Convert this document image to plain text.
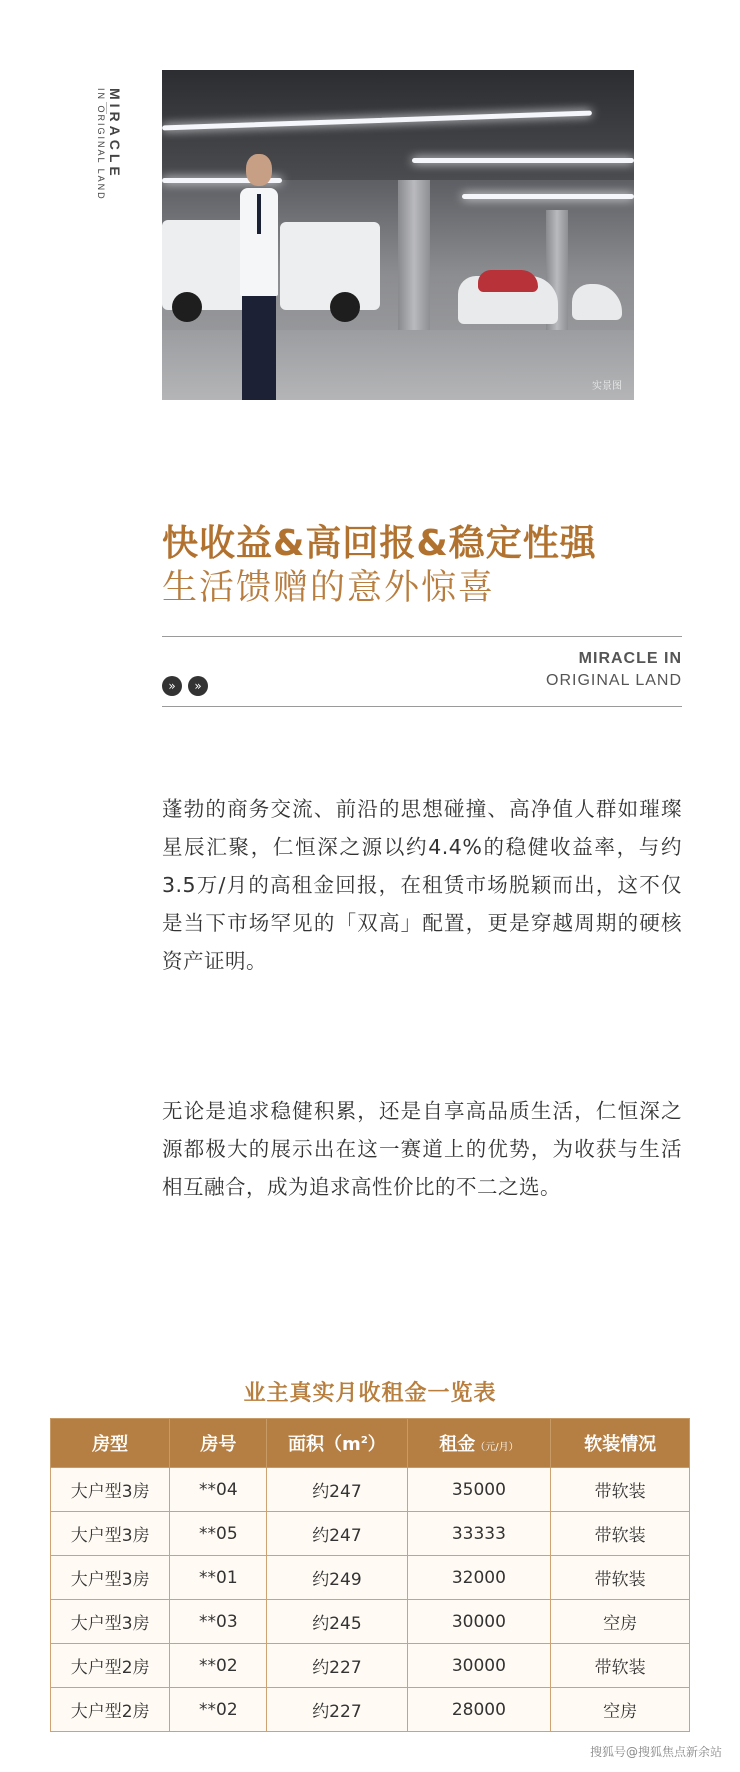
MIRACLE
IN ORIGINAL LAND
实景图
快收益&高回报&稳定性强
生活馈赠的意外惊喜
»	»
MIRACLE IN
ORIGINAL LAND
蓬勃的商务交流、前沿的思想碰撞、高净值人群如璀璨星辰汇聚，仁恒深之源以约4.4%的稳健收益率，与约3.5万/月的高租金回报，在租赁市场脱颖而出，这不仅是当下市场罕见的「双高」配置，更是穿越周期的硬核资产证明。
无论是追求稳健积累，还是自享高品质生活，仁恒深之源都极大的展示出在这一赛道上的优势，为收获与生活相互融合，成为追求高性价比的不二之选。
业主真实月收租金一览表
房型	房号	面积$(m^2)$	租金（元/月）	软装情况
大户型3房	**04	约247	35000	带软装
大户型3房	**05	约247	33333	带软装
大户型3房	**01	约249	32000	带软装
大户型3房	**03	约245	30000	空房
大户型2房	**02	约227	30000	带软装
大户型2房	**02	约227	28000	空房
搜狐号@搜狐焦点新余站
